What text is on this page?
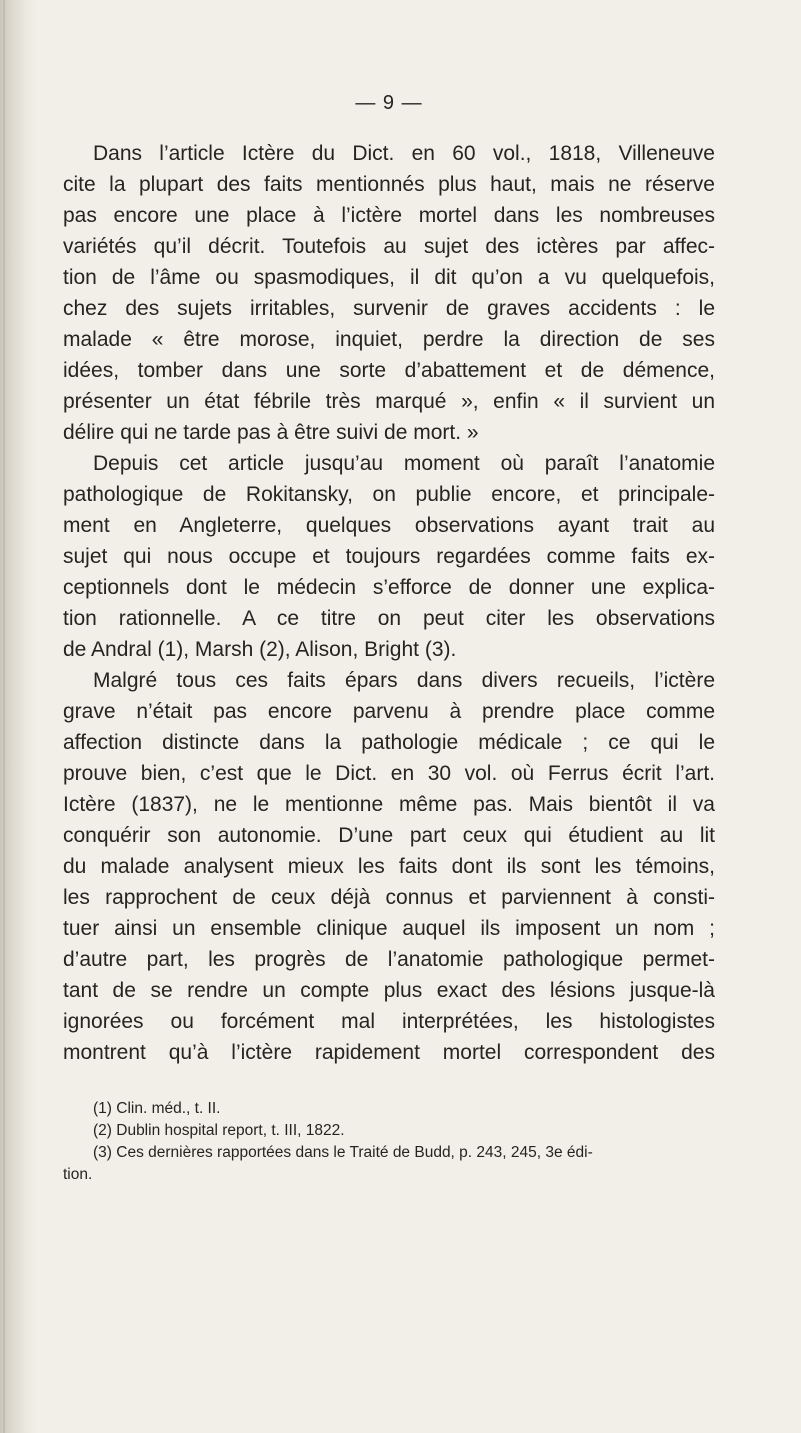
— 9 —
Dans l’article Ictère du Dict. en 60 vol., 1818, Villeneuve
cite la plupart des faits mentionnés plus haut, mais ne réserve
pas encore une place à l’ictère mortel dans les nombreuses
variétés qu’il décrit. Toutefois au sujet des ictères par affec-
tion de l’âme ou spasmodiques, il dit qu’on a vu quelquefois,
chez des sujets irritables, survenir de graves accidents : le
malade « être morose, inquiet, perdre la direction de ses
idées, tomber dans une sorte d’abattement et de démence,
présenter un état fébrile très marqué », enfin « il survient un
délire qui ne tarde pas à être suivi de mort. »
Depuis cet article jusqu’au moment où paraît l’anatomie
pathologique de Rokitansky, on publie encore, et principale-
ment en Angleterre, quelques observations ayant trait au
sujet qui nous occupe et toujours regardées comme faits ex-
ceptionnels dont le médecin s’efforce de donner une explica-
tion rationnelle. A ce titre on peut citer les observations
de Andral (1), Marsh (2), Alison, Bright (3).
Malgré tous ces faits épars dans divers recueils, l’ictère
grave n’était pas encore parvenu à prendre place comme
affection distincte dans la pathologie médicale ; ce qui le
prouve bien, c’est que le Dict. en 30 vol. où Ferrus écrit l’art.
Ictère (1837), ne le mentionne même pas. Mais bientôt il va
conquérir son autonomie. D’une part ceux qui étudient au lit
du malade analysent mieux les faits dont ils sont les témoins,
les rapprochent de ceux déjà connus et parviennent à consti-
tuer ainsi un ensemble clinique auquel ils imposent un nom ;
d’autre part, les progrès de l’anatomie pathologique permet-
tant de se rendre un compte plus exact des lésions jusque-là
ignorées ou forcément mal interprétées, les histologistes
montrent qu’à l’ictère rapidement mortel correspondent des
(1) Clin. méd., t. II.
(2) Dublin hospital report, t. III, 1822.
(3) Ces dernières rapportées dans le Traité de Budd, p. 243, 245, 3e édi-
tion.
